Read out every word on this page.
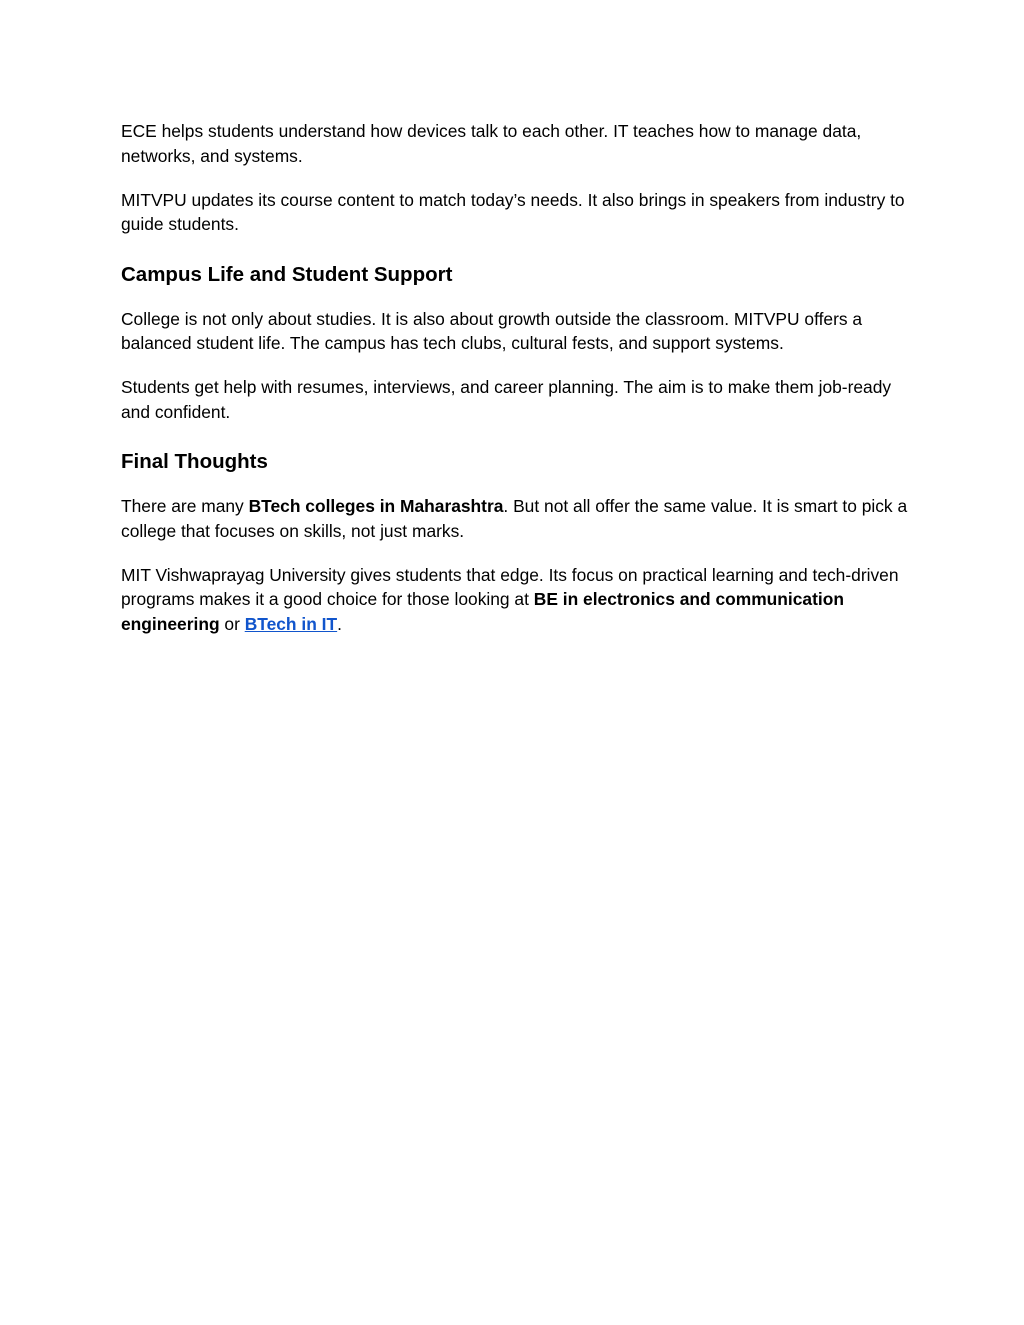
ECE helps students understand how devices talk to each other. IT teaches how to manage data, networks, and systems.

MITVPU updates its course content to match today’s needs. It also brings in speakers from industry to guide students.

Campus Life and Student Support

College is not only about studies. It is also about growth outside the classroom. MITVPU offers a balanced student life. The campus has tech clubs, cultural fests, and support systems.

Students get help with resumes, interviews, and career planning. The aim is to make them job-ready and confident.

Final Thoughts

There are many BTech colleges in Maharashtra. But not all offer the same value. It is smart to pick a college that focuses on skills, not just marks.

MIT Vishwaprayag University gives students that edge. Its focus on practical learning and tech-driven programs makes it a good choice for those looking at BE in electronics and communication engineering or BTech in IT.
